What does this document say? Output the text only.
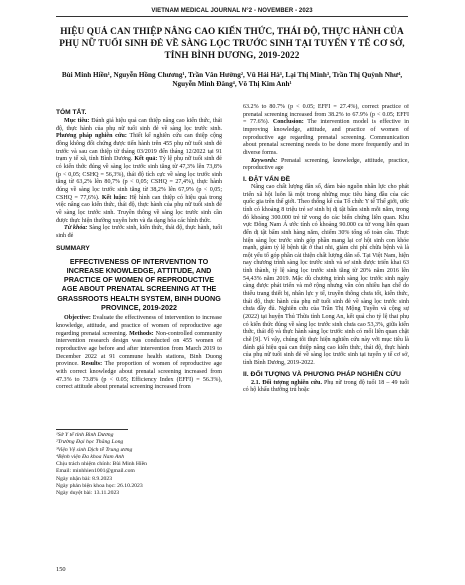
VIETNAM MEDICAL JOURNAL N°2 - NOVEMBER - 2023
HIỆU QUẢ CAN THIỆP NÂNG CAO KIẾN THỨC, THÁI ĐỘ, THỰC HÀNH CỦA PHỤ NỮ TUỔI SINH ĐẺ VỀ SÀNG LỌC TRƯỚC SINH TẠI TUYẾN Y TẾ CƠ SỞ, TỈNH BÌNH DƯƠNG, 2019-2022
Bùi Minh Hiền¹, Nguyễn Hồng Chương¹, Trần Văn Hường², Vũ Hải Hà³, Lại Thị Minh³, Trần Thị Quỳnh Như⁴, Nguyễn Minh Đăng⁴, Võ Thị Kim Anh¹
TÓM TẮT.

Mục tiêu: Đánh giá hiệu quả can thiệp nâng cao kiến thức, thái độ, thực hành của phụ nữ tuổi sinh đẻ về sàng lọc trước sinh. Phương pháp nghiên cứu: Thiết kế nghiên cứu can thiệp cộng đồng không đối chứng được tiến hành trên 455 phụ nữ tuổi sinh đẻ trước và sau can thiệp từ tháng 03/2019 đến tháng 12/2022 tại 91 trạm y tế xã, tỉnh Bình Dương. Kết quả: Tỷ lệ phụ nữ tuổi sinh đẻ có kiến thức đúng về sàng lọc trước sinh tăng từ 47,3% lên 73,8% (p < 0,05; CSHQ = 56,3%), thái độ tích cực về sàng lọc trước sinh tăng từ 63,2% lên 80,7% (p < 0,05; CSHQ = 27,4%), thực hành đúng về sàng lọc trước sinh tăng từ 38,2% lên 67,9% (p < 0,05; CSHQ = 77,6%). Kết luận: Hệ hình can thiệp có hiệu quả trong việc nâng cao kiến thức, thái độ, thực hành của phụ nữ tuổi sinh đẻ về sàng lọc trước sinh. Truyền thông về sàng lọc trước sinh cần được thực hiện thường xuyên hơn và đa dạng hóa các hình thức.

Từ khóa: Sàng lọc trước sinh, kiến thức, thái độ, thực hành, tuổi sinh đẻ

SUMMARY
EFFECTIVENESS OF INTERVENTION TO INCREASE KNOWLEDGE, ATTITUDE, AND PRACTICE OF WOMEN OF REPRODUCTIVE AGE ABOUT PRENATAL SCREENING AT THE GRASSROOTS HEALTH SYSTEM, BINH DUONG PROVINCE, 2019-2022

Objective: Evaluate the effectiveness of intervention to increase knowledge, attitude, and practice of women of reproductive age regarding prenatal screening. Methods: Non-controlled community intervention research design was conducted on 455 women of reproductive age before and after intervention from March 2019 to December 2022 at 91 commune health stations, Binh Duong province. Results: The proportion of women of reproductive age with correct knowledge about prenatal screening increased from 47.3% to 73.8% (p < 0.05; Efficiency Index (EFFI) = 56.3%), correct attitude about prenatal screening increased from

¹Sở Y tế tỉnh Bình Dương
²Trường Đại học Thăng Long
³Viện Vệ sinh Dịch tễ Trung ương
⁴Bệnh viện Đa khoa Nam Anh
Chịu trách nhiệm chính: Bùi Minh Hiền
Email: minhhien1001@gmail.com
Ngày nhận bài: 8.9.2023
Ngày phản biện khoa học: 26.10.2023
Ngày duyệt bài: 13.11.2023

63.2% to 80.7% (p < 0.05; EFFI = 27.4%), correct practice of prenatal screening increased from 38.2% to 67.9% (p < 0.05; EFFI = 77.6%). Conclusion: The intervention model is effective in improving knowledge, attitude, and practice of women of reproductive age regarding prenatal screening. Communication about prenatal screening needs to be done more frequently and in diverse forms.

Keywords: Prenatal screening, knowledge, attitude, practice, reproductive age

I. ĐẶT VẤN ĐỀ

Nâng cao chất lượng dân số, đảm bảo nguồn nhân lực cho phát triển xã hội luôn là một trong những mục tiêu hàng đầu của các quốc gia trên thế giới. Theo thống kê của Tổ chức Y tế Thế giới, ước tính có khoảng 8 triệu trẻ sơ sinh bị dị tật bẩm sinh mỗi năm, trong đó khoảng 300.000 trẻ tử vong do các biến chứng liên quan. Khu vực Đông Nam Á ước tính có khoảng 90.000 ca tử vong liên quan đến dị tật bẩm sinh hàng năm, chiếm 30% tổng số toàn cầu. Thực hiện sàng lọc trước sinh góp phần mang lại cơ hội sinh con khỏe mạnh, giảm tỷ lệ bệnh tật ở thai nhi, giảm chi phí chữa bệnh và là một yếu tố góp phần cải thiện chất lượng dân số. Tại Việt Nam, hiện nay chương trình sàng lọc trước sinh và sơ sinh được triển khai 63 tỉnh thành, tỷ lệ sàng lọc trước sinh tăng từ 20% năm 2016 lên 54,43% năm 2019. Mặc dù chương trình sàng lọc trước sinh ngày càng được phát triển và mở rộng nhưng vẫn còn nhiều hạn chế do thiếu trang thiết bị, nhân lực y tế, truyền thông chưa tốt, kiến thức, thái độ, thực hành của phụ nữ tuổi sinh đẻ về sàng lọc trước sinh chưa đầy đủ. Nghiên cứu của Trần Thị Mộng Tuyền và cộng sự (2022) tại huyện Thủ Thừa tỉnh Long An, kết quả cho tỷ lệ thai phụ có kiến thức đúng về sàng lọc trước sinh chưa cao 53,3%, giữa kiến thức, thái độ và thực hành sàng lọc trước sinh có mối liên quan chặt chẽ [9]. Vì vậy, chúng tôi thực hiện nghiên cứu này với mục tiêu là đánh giá hiệu quả can thiệp nâng cao kiến thức, thái độ, thực hành của phụ nữ tuổi sinh đẻ về sàng lọc trước sinh tại tuyến y tế cơ sở, tỉnh Bình Dương, 2019-2022.

II. ĐỐI TƯỢNG VÀ PHƯƠNG PHÁP NGHIÊN CỨU

2.1. Đối tượng nghiên cứu. Phụ nữ trong độ tuổi 18 – 49 tuổi có hộ khẩu thường trú hoặc

150
